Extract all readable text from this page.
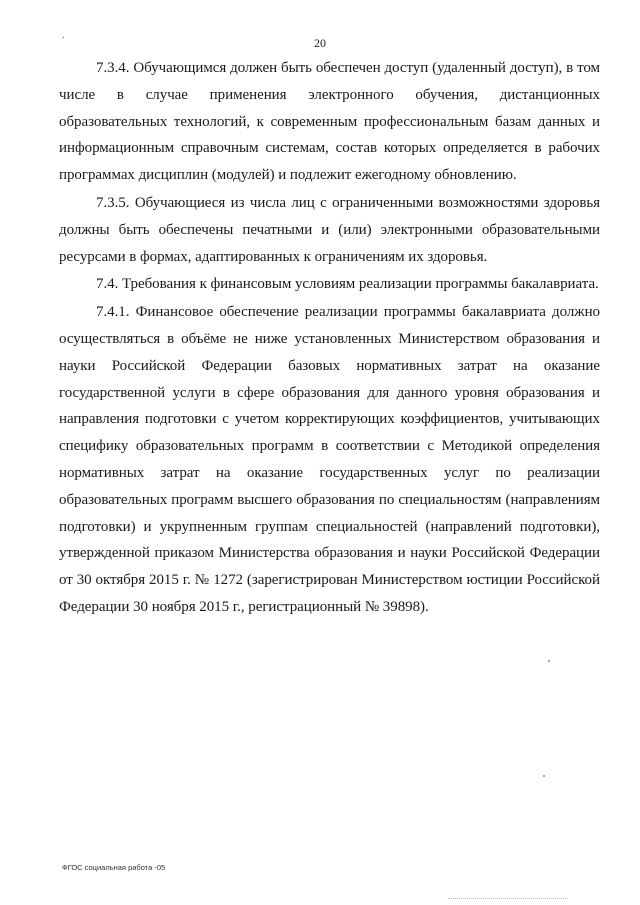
.
20

7.3.4. Обучающимся должен быть обеспечен доступ (удаленный доступ), в том числе в случае применения электронного обучения, дистанционных образовательных технологий, к современным профессиональным базам данных и информационным справочным системам, состав которых определяется в рабочих программах дисциплин (модулей) и подлежит ежегодному обновлению.

7.3.5. Обучающиеся из числа лиц с ограниченными возможностями здоровья должны быть обеспечены печатными и (или) электронными образовательными ресурсами в формах, адаптированных к ограничениям их здоровья.

7.4. Требования к финансовым условиям реализации программы бакалавриата.

7.4.1. Финансовое обеспечение реализации программы бакалавриата должно осуществляться в объёме не ниже установленных Министерством образования и науки Российской Федерации базовых нормативных затрат на оказание государственной услуги в сфере образования для данного уровня образования и направления подготовки с учетом корректирующих коэффициентов, учитывающих специфику образовательных программ в соответствии с Методикой определения нормативных затрат на оказание государственных услуг по реализации образовательных программ высшего образования по специальностям (направлениям подготовки) и укрупненным группам специальностей (направлений подготовки), утвержденной приказом Министерства образования и науки Российской Федерации от 30 октября 2015 г. № 1272 (зарегистрирован Министерством юстиции Российской Федерации 30 ноября 2015 г., регистрационный № 39898).

ФГОС социальная работа -05
